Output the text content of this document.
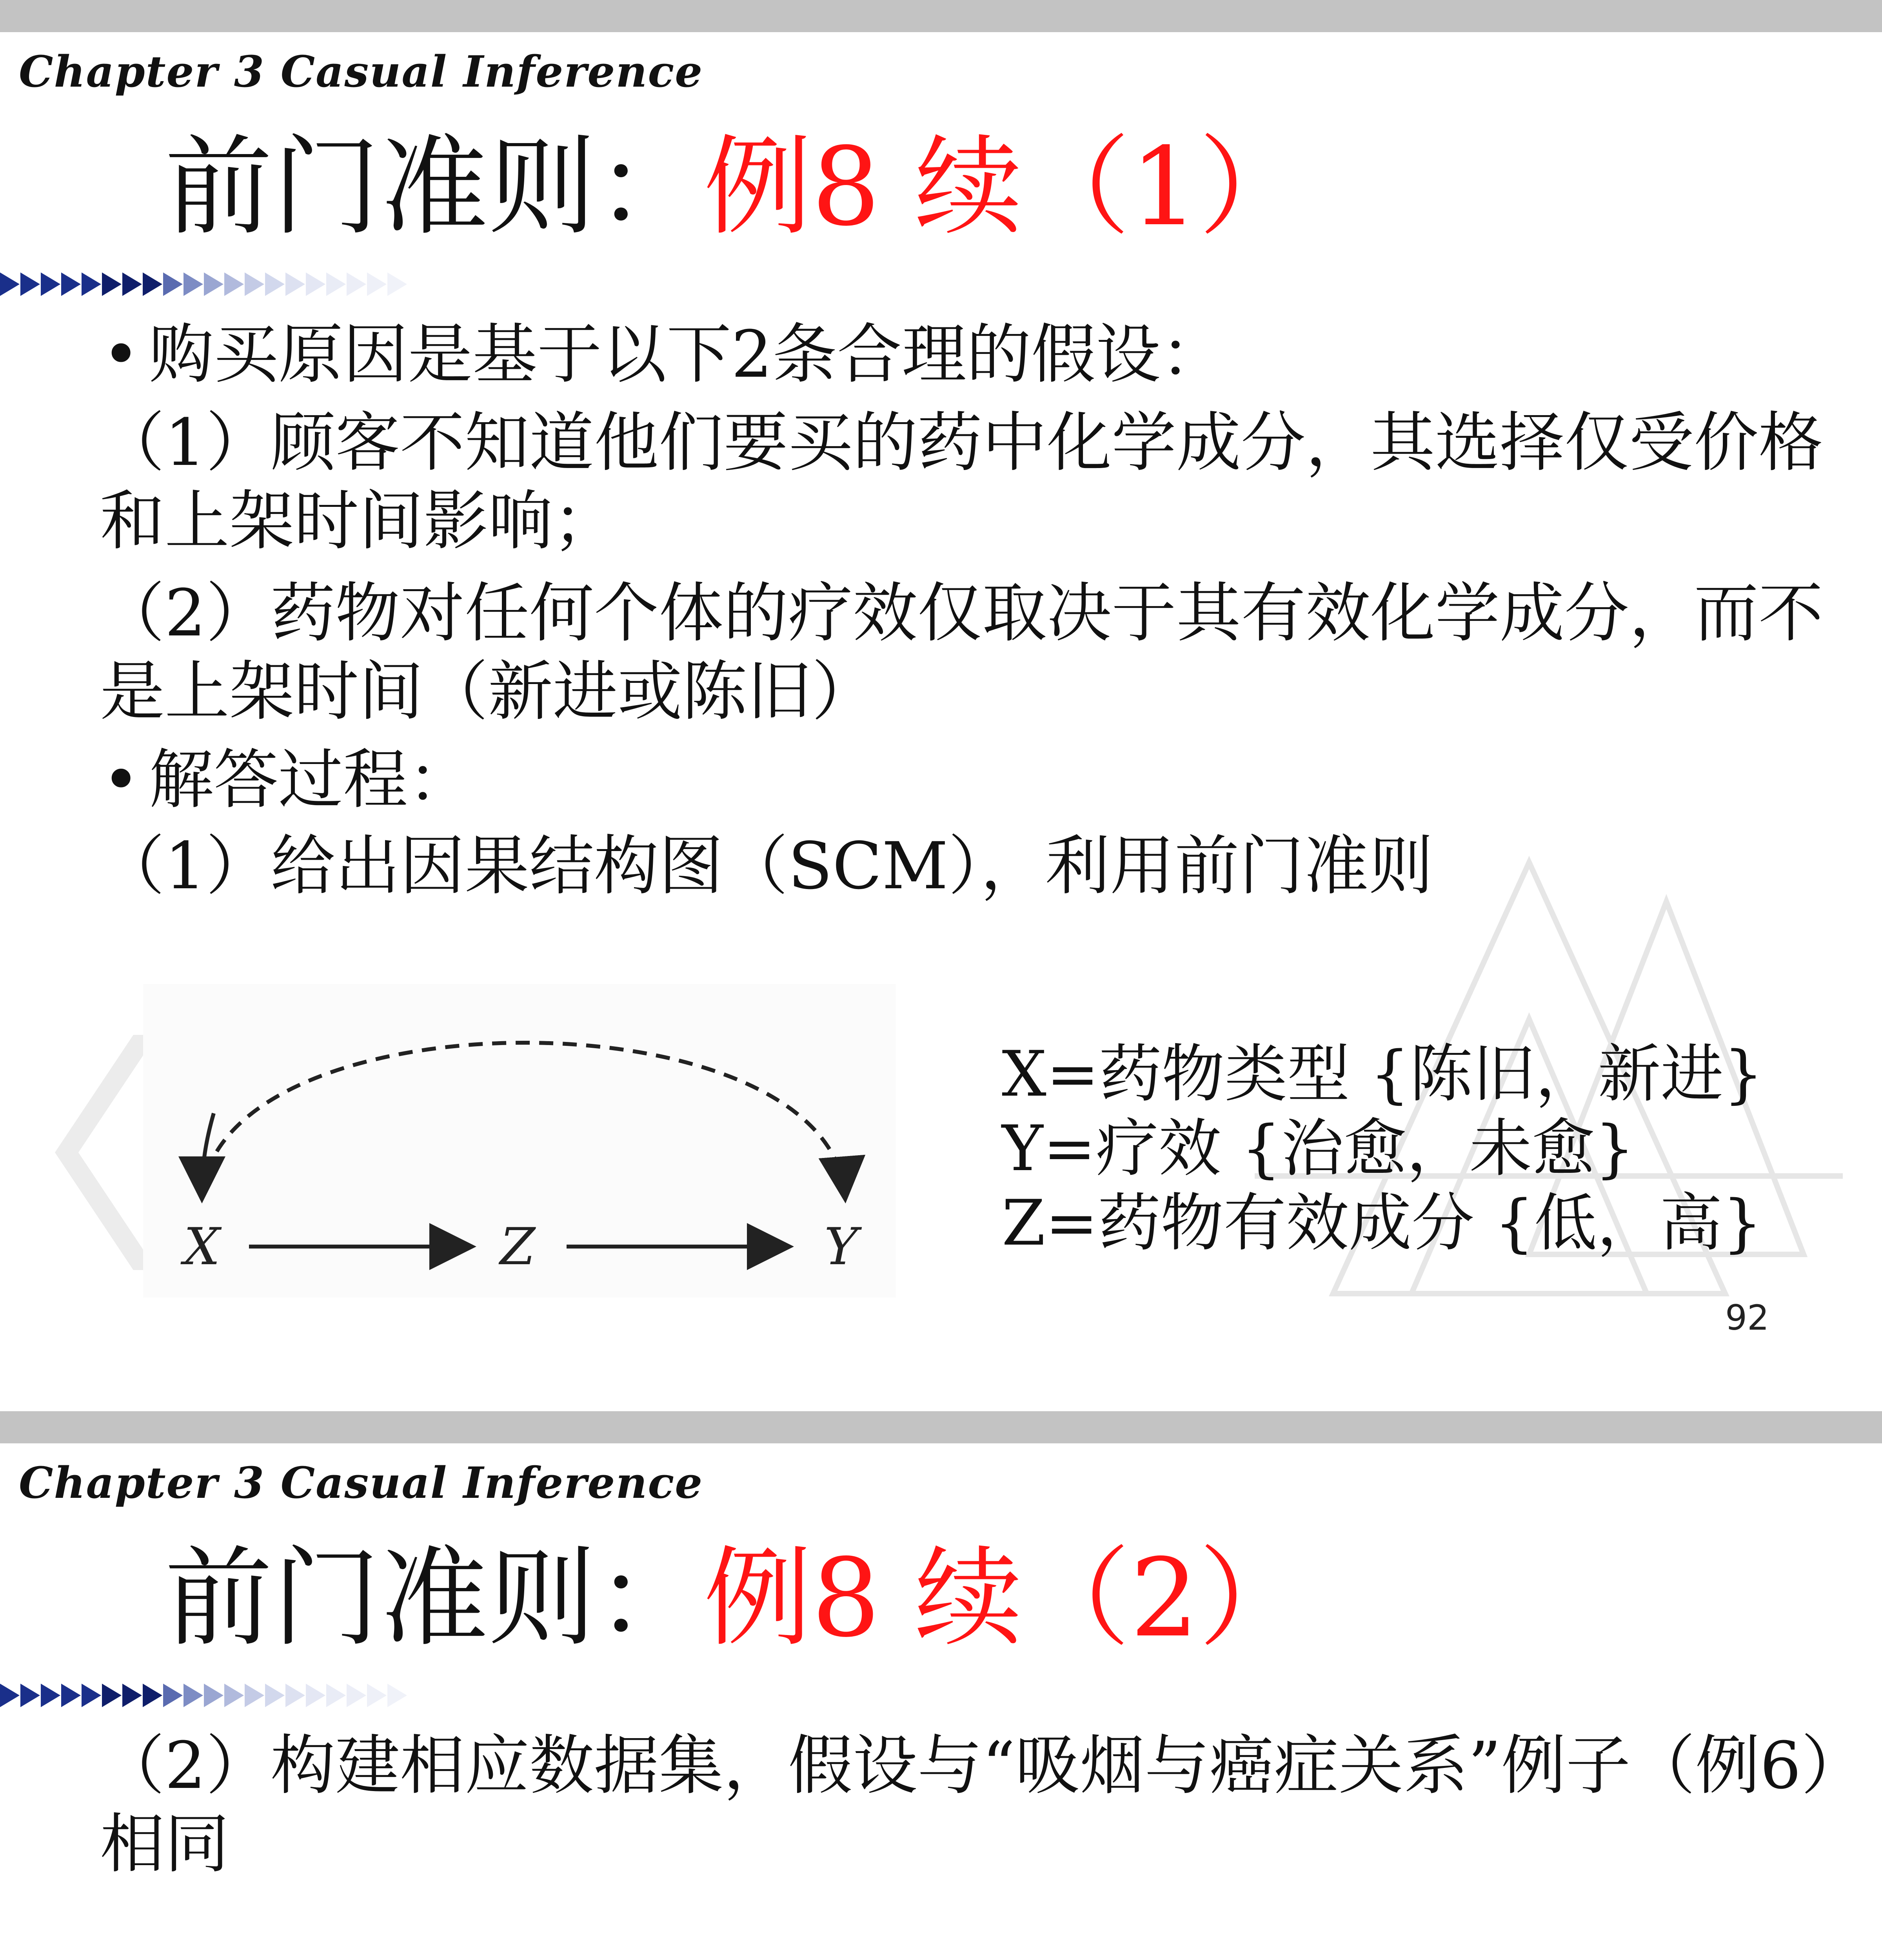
Chapter 3 Casual Inference
前门准则：例8 续（1）
• 购买原因是基于以下2条合理的假设：
（1）顾客不知道他们要买的药中化学成分，其选择仅受价格
和上架时间影响；
（2）药物对任何个体的疗效仅取决于其有效化学成分，而不
是上架时间（新进或陈旧）
• 解答过程：
（1）给出因果结构图（SCM），利用前门准则
X	Z	Y
X=药物类型 {陈旧，新进}
Y=疗效 {治愈，未愈}
Z=药物有效成分 {低，高}
92
Chapter 3 Casual Inference
前门准则：例8 续（2）
（2）构建相应数据集，假设与“吸烟与癌症关系”例子（例6）
相同
